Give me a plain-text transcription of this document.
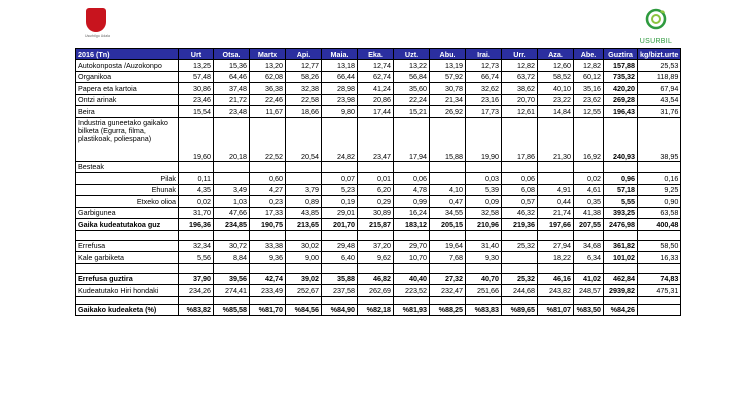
Usurbilgo Udala
USURBIL
2016 (Tn)	Urt	Otsa.	Martx	Api.	Maia.	Eka.	Uzt.	Abu.	Irai.	Urr.	Aza.	Abe.	Guztira	kg/bizt.urte
Autokonposta /Auzokonpo	13,25	15,36	13,20	12,77	13,18	12,74	13,22	13,19	12,73	12,82	12,60	12,82	157,88	25,53
Organikoa	57,48	64,46	62,08	58,26	66,44	62,74	56,84	57,92	66,74	63,72	58,52	60,12	735,32	118,89
Papera eta kartoia	30,86	37,48	36,38	32,38	28,98	41,24	35,60	30,78	32,62	38,62	40,10	35,16	420,20	67,94
Ontzi arinak	23,46	21,72	22,46	22,58	23,98	20,86	22,24	21,34	23,16	20,70	23,22	23,62	269,28	43,54
Beira	15,54	23,48	11,67	18,66	9,80	17,44	15,21	26,92	17,73	12,61	14,84	12,55	196,43	31,76
Industria guneetako gaikako bilketa (Egurra, filma, plastikoak, poliespana)	19,60	20,18	22,52	20,54	24,82	23,47	17,94	15,88	19,90	17,86	21,30	16,92	240,93	38,95
Besteak														
Pilak	0,11		0,60		0,07	0,01	0,06		0,03	0,06		0,02	0,96	0,16
Ehunak	4,35	3,49	4,27	3,79	5,23	6,20	4,78	4,10	5,39	6,08	4,91	4,61	57,18	9,25
Etxeko olioa	0,02	1,03	0,23	0,89	0,19	0,29	0,99	0,47	0,09	0,57	0,44	0,35	5,55	0,90
Garbigunea	31,70	47,66	17,33	43,85	29,01	30,89	16,24	34,55	32,58	46,32	21,74	41,38	393,25	63,58
Gaika kudeatutakoa guz	196,36	234,85	190,75	213,65	201,70	215,87	183,12	205,15	210,96	219,36	197,66	207,55	2476,98	400,48

Errefusa	32,34	30,72	33,38	30,02	29,48	37,20	29,70	19,64	31,40	25,32	27,94	34,68	361,82	58,50
Kale garbiketa	5,56	8,84	9,36	9,00	6,40	9,62	10,70	7,68	9,30		18,22	6,34	101,02	16,33

Errefusa guztira	37,90	39,56	42,74	39,02	35,88	46,82	40,40	27,32	40,70	25,32	46,16	41,02	462,84	74,83
Kudeatutako Hiri hondaki	234,26	274,41	233,49	252,67	237,58	262,69	223,52	232,47	251,66	244,68	243,82	248,57	2939,82	475,31

Gaikako kudeaketa (%)	%83,82	%85,58	%81,70	%84,56	%84,90	%82,18	%81,93	%88,25	%83,83	%89,65	%81,07	%83,50	%84,26	
